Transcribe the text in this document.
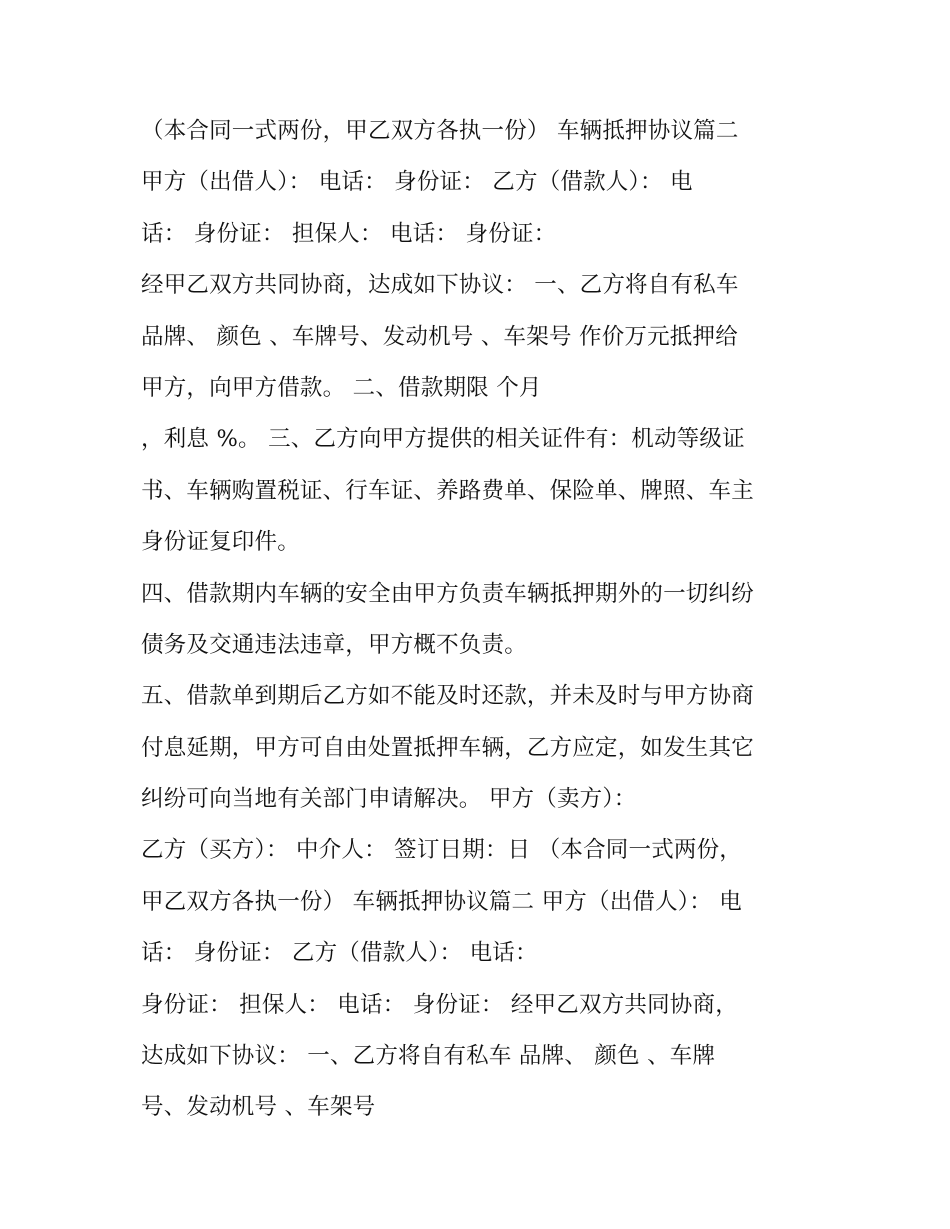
（本合同一式两份，甲乙双方各执一份） 车辆抵押协议篇二
甲方（出借人）： 电话： 身份证： 乙方（借款人）： 电
话： 身份证： 担保人： 电话： 身份证：
经甲乙双方共同协商，达成如下协议： 一、乙方将自有私车
品牌、 颜色 、车牌号、发动机号 、车架号 作价万元抵押给
甲方，向甲方借款。 二、借款期限 个月
，利息 %。 三、乙方向甲方提供的相关证件有：机动等级证
书、车辆购置税证、行车证、养路费单、保险单、牌照、车主
身份证复印件。
四、借款期内车辆的安全由甲方负责车辆抵押期外的一切纠纷
债务及交通违法违章，甲方概不负责。
五、借款单到期后乙方如不能及时还款，并未及时与甲方协商
付息延期，甲方可自由处置抵押车辆，乙方应定，如发生其它
纠纷可向当地有关部门申请解决。 甲方（卖方）：
乙方（买方）： 中介人： 签订日期：日 （本合同一式两份，
甲乙双方各执一份） 车辆抵押协议篇二 甲方（出借人）： 电
话： 身份证： 乙方（借款人）： 电话：
身份证： 担保人： 电话： 身份证： 经甲乙双方共同协商，
达成如下协议： 一、乙方将自有私车 品牌、 颜色 、车牌
号、发动机号 、车架号
